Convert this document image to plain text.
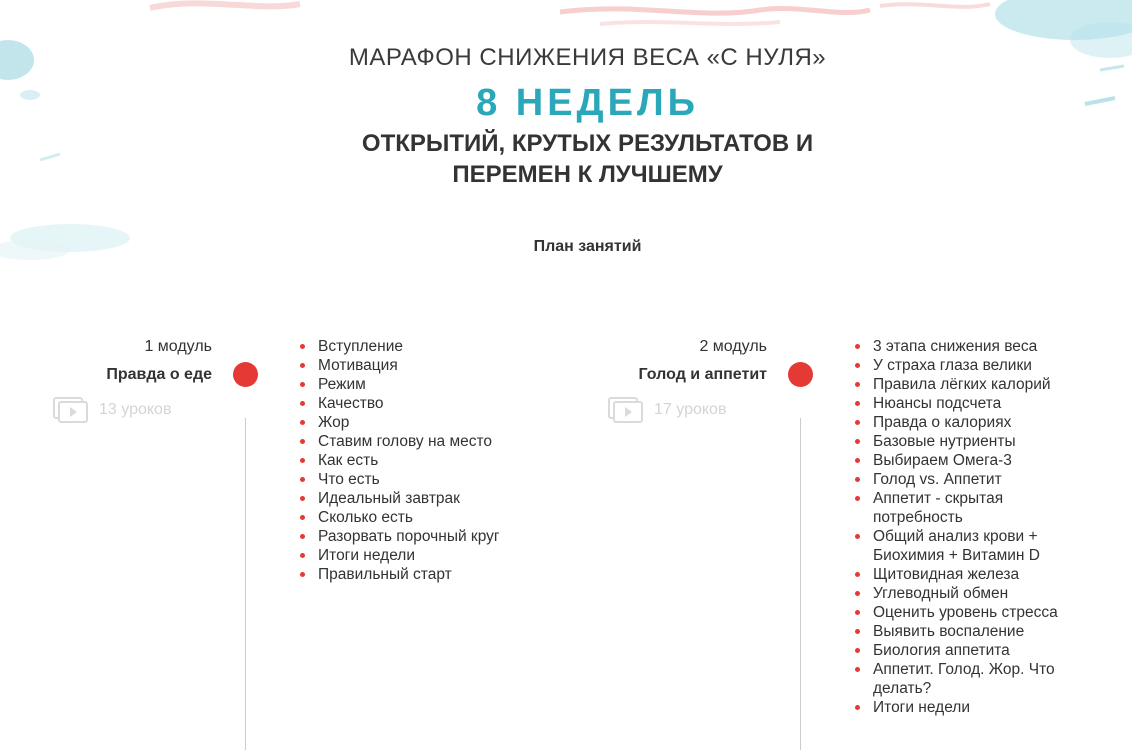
МАРАФОН СНИЖЕНИЯ ВЕСА «С НУЛЯ»
8 НЕДЕЛЬ
ОТКРЫТИЙ, КРУТЫХ РЕЗУЛЬТАТОВ И
ПЕРЕМЕН К ЛУЧШЕМУ
План занятий
1 модуль
Правда о еде
13 уроков
Вступление
Мотивация
Режим
Качество
Жор
Ставим голову на место
Как есть
Что есть
Идеальный завтрак
Сколько есть
Разорвать порочный круг
Итоги недели
Правильный старт
2 модуль
Голод и аппетит
17 уроков
3 этапа снижения веса
У страха глаза велики
Правила лёгких калорий
Нюансы подсчета
Правда о калориях
Базовые нутриенты
Выбираем Омега-3
Голод vs. Аппетит
Аппетит - скрытая потребность
Общий анализ крови + Биохимия + Витамин D
Щитовидная железа
Углеводный обмен
Оценить уровень стресса
Выявить воспаление
Биология аппетита
Аппетит. Голод. Жор. Что делать?
Итоги недели
